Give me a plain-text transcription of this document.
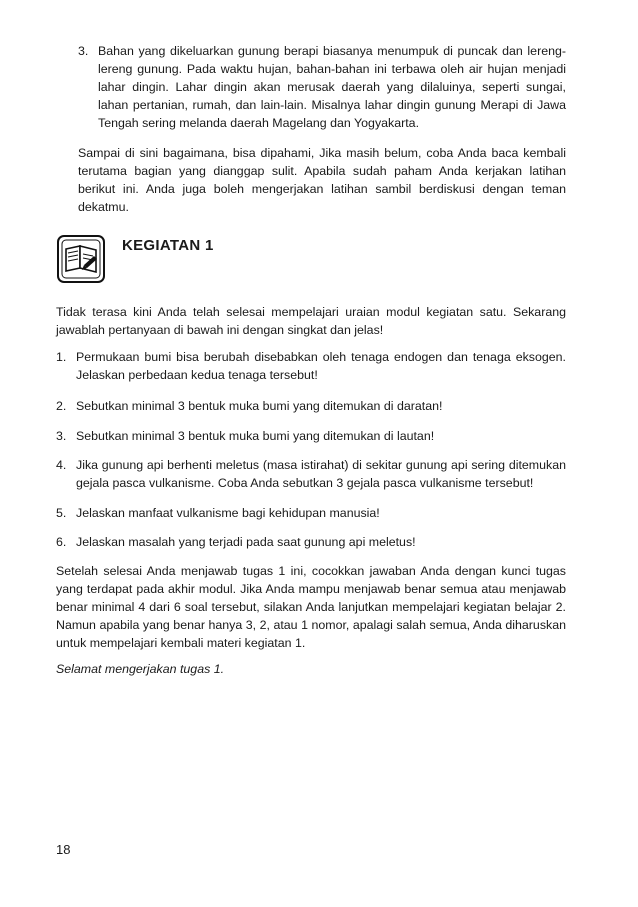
3. Bahan yang dikeluarkan gunung berapi biasanya menumpuk di puncak dan lereng-lereng gunung. Pada waktu hujan, bahan-bahan ini terbawa oleh air hujan menjadi lahar dingin. Lahar dingin akan merusak daerah yang dilaluinya, seperti sungai, lahan pertanian, rumah, dan lain-lain. Misalnya lahar dingin gunung Merapi di Jawa Tengah sering melanda daerah Magelang dan Yogyakarta.

Sampai di sini bagaimana, bisa dipahami, Jika masih belum, coba Anda baca kembali terutama bagian yang dianggap sulit. Apabila sudah paham Anda kerjakan latihan berikut ini. Anda juga boleh mengerjakan latihan sambil berdiskusi dengan teman dekatmu.

KEGIATAN 1

Tidak terasa kini Anda telah selesai mempelajari uraian modul kegiatan satu. Sekarang jawablah pertanyaan di bawah ini dengan singkat dan jelas!

1. Permukaan bumi bisa berubah disebabkan oleh tenaga endogen dan tenaga eksogen. Jelaskan perbedaan kedua tenaga tersebut!

2. Sebutkan minimal 3 bentuk muka bumi yang ditemukan di daratan!

3. Sebutkan minimal 3 bentuk muka bumi yang ditemukan di lautan!

4. Jika gunung api berhenti meletus (masa istirahat) di sekitar gunung api sering ditemukan gejala pasca vulkanisme. Coba Anda sebutkan 3 gejala pasca vulkanisme tersebut!

5. Jelaskan manfaat vulkanisme bagi kehidupan manusia!

6. Jelaskan masalah yang terjadi pada saat gunung api meletus!

Setelah selesai Anda menjawab tugas 1 ini, cocokkan jawaban Anda dengan kunci tugas yang terdapat pada akhir modul. Jika Anda mampu menjawab benar semua atau menjawab benar minimal 4 dari 6 soal tersebut, silakan Anda lanjutkan mempelajari kegiatan belajar 2. Namun apabila yang benar hanya 3, 2, atau 1 nomor, apalagi salah semua, Anda diharuskan untuk mempelajari kembali materi kegiatan 1.

Selamat mengerjakan tugas 1.

18
